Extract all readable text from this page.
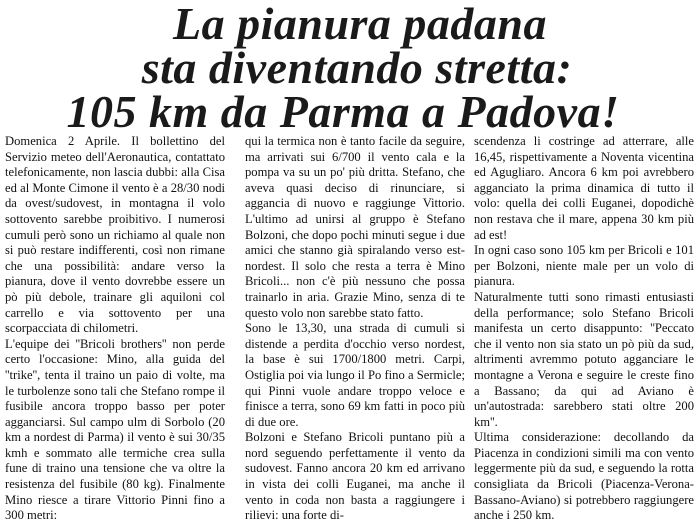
La pianura padana
sta diventando stretta:
105 km da Parma a Padova!

Domenica 2 Aprile. Il bollettino del Servizio meteo dell'Aeronautica, contattato telefonicamente, non lascia dubbi: alla Cisa ed al Monte Cimone il vento è a 28/30 nodi da ovest/sudovest, in montagna il volo sottovento sarebbe proibitivo. I numerosi cumuli però sono un richiamo al quale non si può restare indifferenti, così non rimane che una possibilità: andare verso la pianura, dove il vento dovrebbe essere un pò più debole, trainare gli aquiloni col carrello e via sottovento per una scorpacciata di chilometri.

L'equipe dei ''Bricoli brothers'' non perde certo l'occasione: Mino, alla guida del ''trike'', tenta il traino un paio di volte, ma le turbolenze sono tali che Stefano rompe il fusibile ancora troppo basso per poter agganciarsi. Sul campo ulm di Sorbolo (20 km a nordest di Parma) il vento è sui 30/35 kmh e sommato alle termiche crea sulla fune di traino una tensione che va oltre la resistenza del fusibile (80 kg). Finalmente Mino riesce a tirare Vittorio Pinni fino a 300 metri:

qui la termica non è tanto facile da seguire, ma arrivati sui 6/700 il vento cala e la pompa va su un po' più dritta. Stefano, che aveva quasi deciso di rinunciare, si aggancia di nuovo e raggiunge Vittorio. L'ultimo ad unirsi al gruppo è Stefano Bolzoni, che dopo pochi minuti segue i due amici che stanno già spiralando verso est-nordest. Il solo che resta a terra è Mino Bricoli... non c'è più nessuno che possa trainarlo in aria. Grazie Mino, senza di te questo volo non sarebbe stato fatto.

Sono le 13,30, una strada di cumuli si distende a perdita d'occhio verso nordest, la base è sui 1700/1800 metri. Carpi, Ostiglia poi via lungo il Po fino a Sermicle; qui Pinni vuole andare troppo veloce e finisce a terra, sono 69 km fatti in poco più di due ore.

Bolzoni e Stefano Bricoli puntano più a nord seguendo perfettamente il vento da sudovest. Fanno ancora 20 km ed arrivano in vista dei colli Euganei, ma anche il vento in coda non basta a raggiungere i rilievi: una forte di-

scendenza li costringe ad atterrare, alle 16,45, rispettivamente a Noventa vicentina ed Agugliaro. Ancora 6 km poi avrebbero agganciato la prima dinamica di tutto il volo: quella dei colli Euganei, dopodichè non restava che il mare, appena 30 km più ad est!

In ogni caso sono 105 km per Bricoli e 101 per Bolzoni, niente male per un volo di pianura.

Naturalmente tutti sono rimasti entusiasti della performance; solo Stefano Bricoli manifesta un certo disappunto: ''Peccato che il vento non sia stato un pò più da sud, altrimenti avremmo potuto agganciare le montagne a Verona e seguire le creste fino a Bassano; da qui ad Aviano è un'autostrada: sarebbero stati oltre 200 km''.

Ultima considerazione: decollando da Piacenza in condizioni simili ma con vento leggermente più da sud, e seguendo la rotta consigliata da Bricoli (Piacenza-Verona-Bassano-Aviano) si potrebbero raggiungere anche i 250 km.
